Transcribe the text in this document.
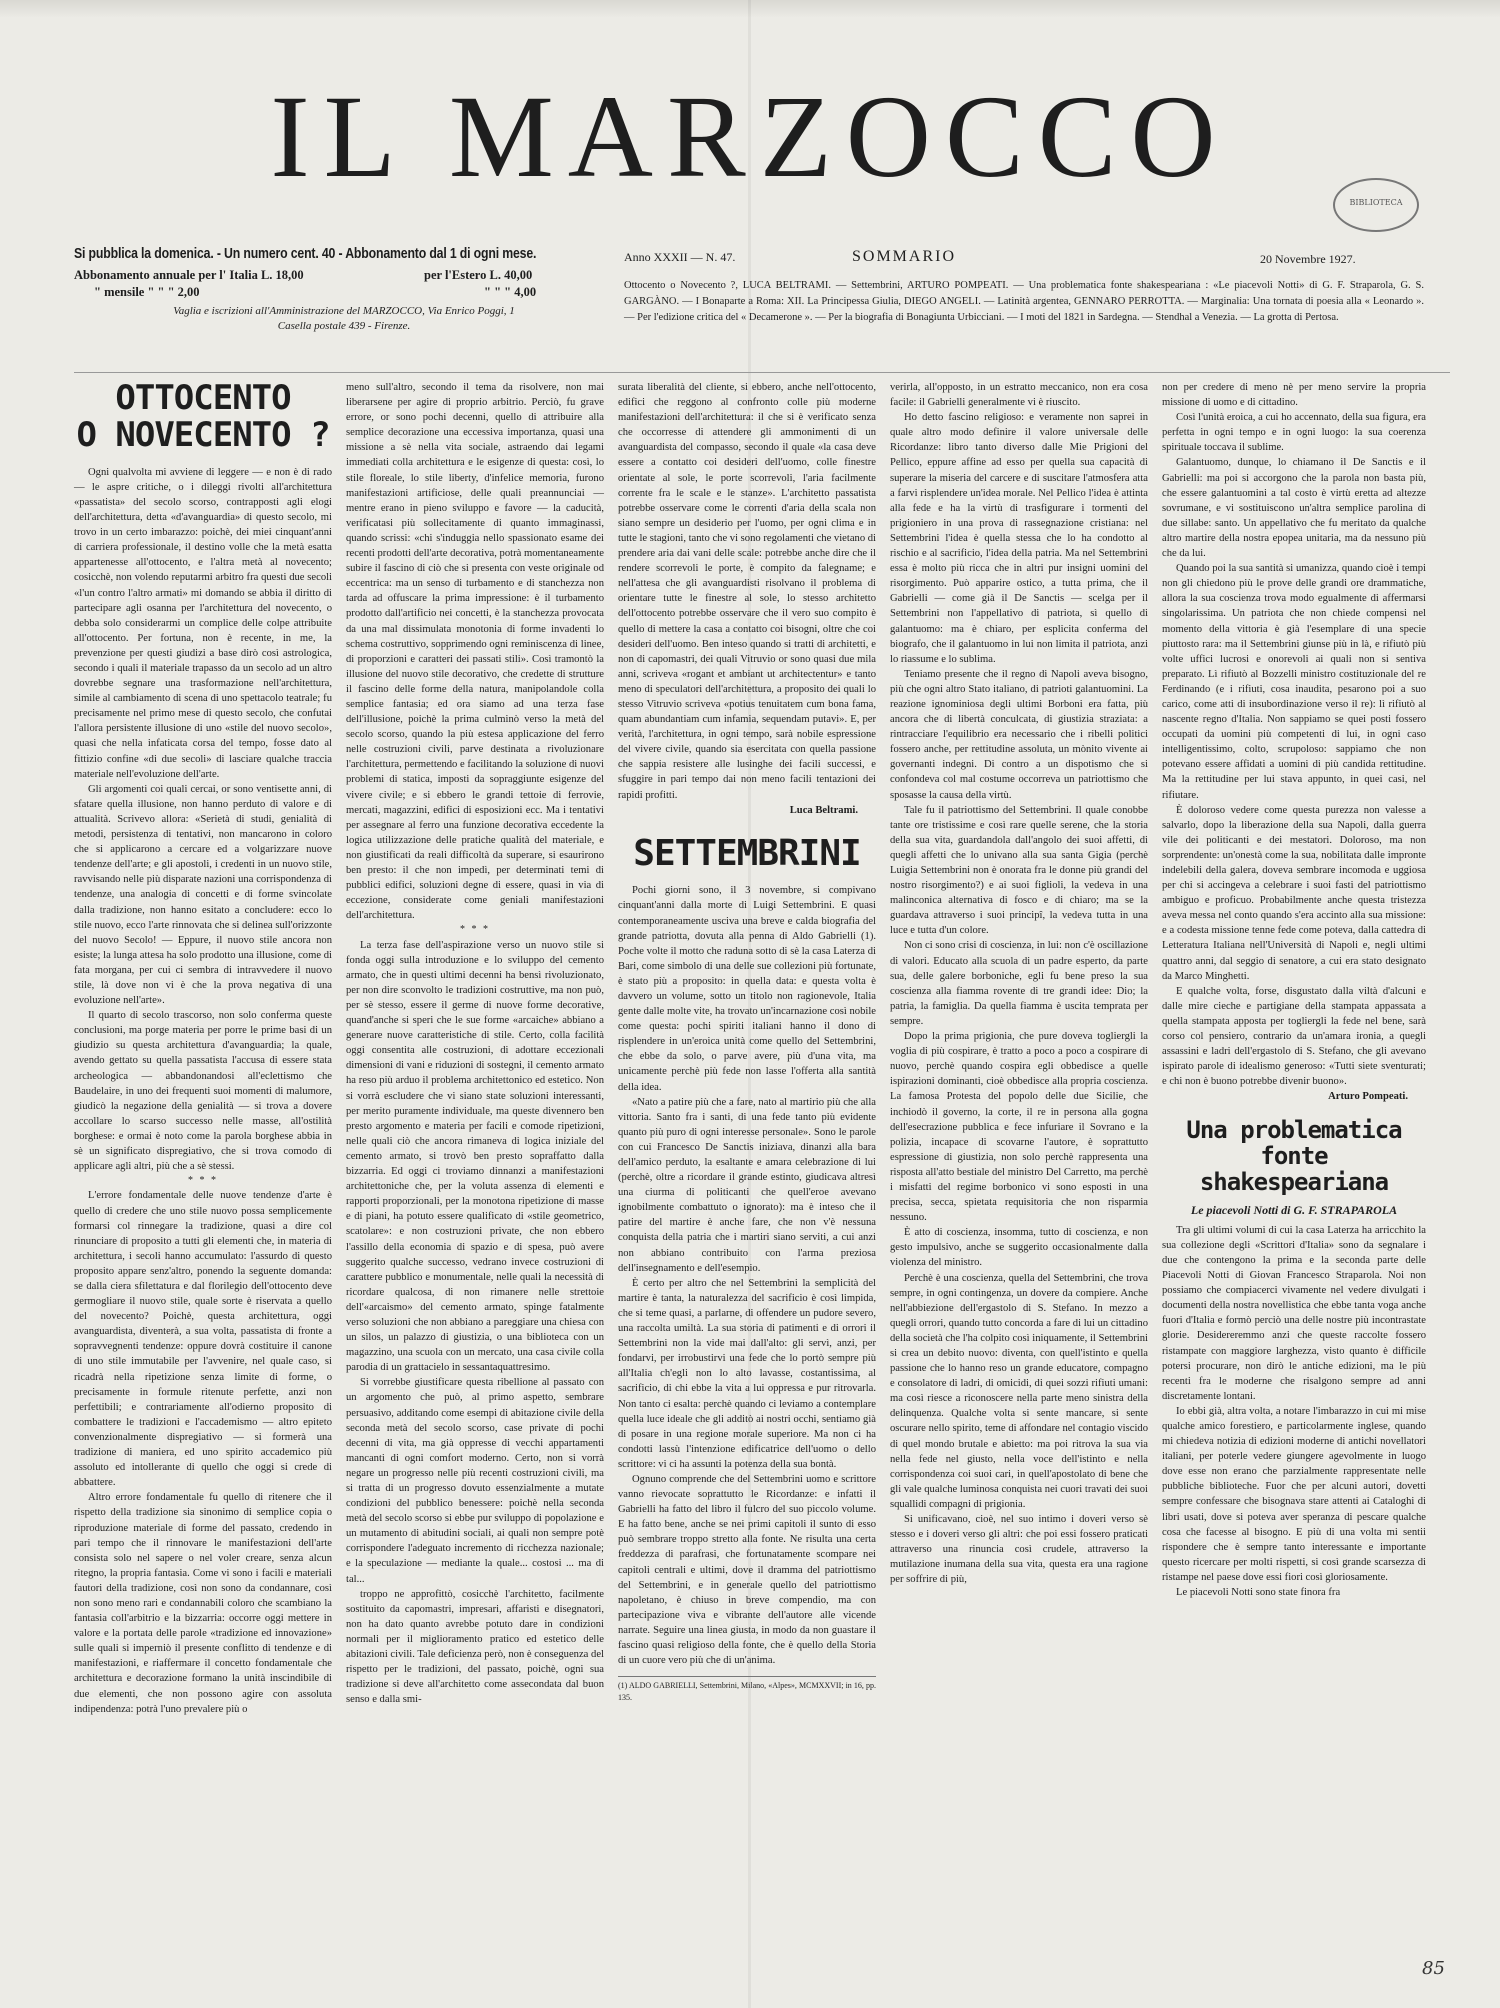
IL MARZOCCO
BIBLIOTECA
Si pubblica la domenica. - Un numero cent. 40 - Abbonamento dal 1 di ogni mese.
Abbonamento annuale per l' Italia L. 18,00	per l'Estero L. 40,00
" mensile " " " 2,00	" " " 4,00
Vaglia e iscrizioni all'Amministrazione del MARZOCCO, Via Enrico Poggi, 1
Casella postale 439 - Firenze.
Anno XXXII — N. 47.	SOMMARIO	20 Novembre 1927.
Ottocento o Novecento ?, LUCA BELTRAMI. — Settembrini, ARTURO POMPEATI. — Una problematica fonte shakespeariana : «Le piacevoli Notti» di G. F. Straparola, G. S. GARGÀNO. — I Bonaparte a Roma: XII. La Principessa Giulia, DIEGO ANGELI. — Latinità argentea, GENNARO PERROTTA. — Marginalia: Una tornata di poesia alla « Leonardo ». — Per l'edizione critica del « Decamerone ». — Per la biografia di Bonagiunta Urbicciani. — I moti del 1821 in Sardegna. — Stendhal a Venezia. — La grotta di Pertosa.
OTTOCENTO
O NOVECENTO ?

Ogni qualvolta mi avviene di leggere — e non è di rado — le aspre critiche, o i dileggi rivolti all'architettura «passatista» del secolo scorso, contrapposti agli elogi dell'architettura, detta «d'avanguardia» di questo secolo, mi trovo in un certo imbarazzo: poichè, dei miei cinquant'anni di carriera professionale, il destino volle che la metà esatta appartenesse all'ottocento, e l'altra metà al novecento; cosicchè, non volendo reputarmi arbitro fra questi due secoli «l'un contro l'altro armati» mi domando se abbia il diritto di partecipare agli osanna per l'architettura del novecento, o debba solo considerarmi un complice delle colpe attribuite all'ottocento. Per fortuna, non è recente, in me, la prevenzione per questi giudizi a base dirò così astrologica, secondo i quali il materiale trapasso da un secolo ad un altro dovrebbe segnare una trasformazione nell'architettura, simile al cambiamento di scena di uno spettacolo teatrale; fu precisamente nel primo mese di questo secolo, che confutai l'allora persistente illusione di uno «stile del nuovo secolo», quasi che nella infaticata corsa del tempo, fosse dato al fittizio confine «di due secoli» di lasciare qualche traccia materiale nell'evoluzione dell'arte.

Gli argomenti coi quali cercai, or sono ventisette anni, di sfatare quella illusione, non hanno perduto di valore e di attualità. Scrivevo allora: «Serietà di studi, genialità di metodi, persistenza di tentativi, non mancarono in coloro che si applicarono a cercare ed a volgarizzare nuove tendenze dell'arte; e gli apostoli, i credenti in un nuovo stile, ravvisando nelle più disparate nazioni una corrispondenza di tendenze, una analogia di concetti e di forme svincolate dalla tradizione, non hanno esitato a concludere: ecco lo stile nuovo, ecco l'arte rinnovata che si delinea sull'orizzonte del nuovo Secolo! — Eppure, il nuovo stile ancora non esiste; la lunga attesa ha solo prodotto una illusione, come di fata morgana, per cui ci sembra di intravvedere il nuovo stile, là dove non vi è che la prova negativa di una evoluzione nell'arte».

Il quarto di secolo trascorso, non solo conferma queste conclusioni, ma porge materia per porre le prime basi di un giudizio su questa architettura d'avanguardia; la quale, avendo gettato su quella passatista l'accusa di essere stata archeologica — abbandonandosi all'eclettismo che Baudelaire, in uno dei frequenti suoi momenti di malumore, giudicò la negazione della genialità — si trova a dovere accollare lo scarso successo nelle masse, all'ostilità borghese: e ormai è noto come la parola borghese abbia in sè un significato dispregiativo, che si trova comodo di applicare agli altri, più che a sè stessi.

* * *

L'errore fondamentale delle nuove tendenze d'arte è quello di credere che uno stile nuovo possa semplicemente formarsi col rinnegare la tradizione, quasi a dire col rinunciare di proposito a tutti gli elementi che, in materia di architettura, i secoli hanno accumulato: l'assurdo di questo proposito appare senz'altro, ponendo la seguente domanda: se dalla ciera sfilettatura e dal florilegio dell'ottocento deve germogliare il nuovo stile, quale sorte è riservata a quello del novecento? Poichè, questa architettura, oggi avanguardista, diventerà, a sua volta, passatista di fronte a sopravvegnenti tendenze: oppure dovrà costituire il canone di uno stile immutabile per l'avvenire, nel quale caso, si ricadrà nella ripetizione senza limite di forme, o precisamente in formule ritenute perfette, anzi non perfettibili; e contrariamente all'odierno proposito di combattere le tradizioni e l'accademismo — altro epiteto convenzionalmente dispregiativo — si formerà una tradizione di maniera, ed uno spirito accademico più assoluto ed intollerante di quello che oggi si crede di abbattere.

Altro errore fondamentale fu quello di ritenere che il rispetto della tradizione sia sinonimo di semplice copia o riproduzione materiale di forme del passato, credendo in pari tempo che il rinnovare le manifestazioni dell'arte consista solo nel sapere o nel voler creare, senza alcun ritegno, la propria fantasia. Come vi sono i facili e materiali fautori della tradizione, così non sono da condannare, così non sono meno rari e condannabili coloro che scambiano la fantasia coll'arbitrio e la bizzarria: occorre oggi mettere in valore e la portata delle parole «tradizione ed innovazione» sulle quali si imperniò il presente conflitto di tendenze e di manifestazioni, e riaffermare il concetto fondamentale che architettura e decorazione formano la unità inscindibile di due elementi, che non possono agire con assoluta indipendenza: potrà l'uno prevalere più o

meno sull'altro, secondo il tema da risolvere, non mai liberarsene per agire di proprio arbitrio. Perciò, fu grave errore, or sono pochi decenni, quello di attribuire alla semplice decorazione una eccessiva importanza, quasi una missione a sè nella vita sociale, astraendo dai legami immediati colla architettura e le esigenze di questa: così, lo stile floreale, lo stile liberty, d'infelice memoria, furono manifestazioni artificiose, delle quali preannunciai — mentre erano in pieno sviluppo e favore — la caducità, verificatasi più sollecitamente di quanto immaginassi, quando scrissi: «chi s'induggia nello spassionato esame dei recenti prodotti dell'arte decorativa, potrà momentaneamente subire il fascino di ciò che si presenta con veste originale od eccentrica: ma un senso di turbamento e di stanchezza non tarda ad offuscare la prima impressione: è il turbamento prodotto dall'artificio nei concetti, è la stanchezza provocata da una mal dissimulata monotonia di forme invadenti lo schema costruttivo, sopprimendo ogni reminiscenza di linee, di proporzioni e caratteri dei passati stili». Così tramontò la illusione del nuovo stile decorativo, che credette di strutture il fascino delle forme della natura, manipolandole colla semplice fantasia; ed ora siamo ad una terza fase dell'illusione, poichè la prima culminò verso la metà del secolo scorso, quando la più estesa applicazione del ferro nelle costruzioni civili, parve destinata a rivoluzionare l'architettura, permettendo e facilitando la soluzione di nuovi problemi di statica, imposti da sopraggiunte esigenze del vivere civile; e si ebbero le grandi tettoie di ferrovie, mercati, magazzini, edifici di esposizioni ecc. Ma i tentativi per assegnare al ferro una funzione decorativa eccedente la logica utilizzazione delle pratiche qualità del materiale, e non giustificati da reali difficoltà da superare, si esaurirono ben presto: il che non impedì, per determinati temi di pubblici edifici, soluzioni degne di essere, quasi in via di eccezione, considerate come geniali manifestazioni dell'architettura.

* * *

La terza fase dell'aspirazione verso un nuovo stile si fonda oggi sulla introduzione e lo sviluppo del cemento armato, che in questi ultimi decenni ha bensì rivoluzionato, per non dire sconvolto le tradizioni costruttive, ma non può, per sè stesso, essere il germe di nuove forme decorative, quand'anche si speri che le sue forme «arcaiche» abbiano a generare nuove caratteristiche di stile. Certo, colla facilità oggi consentita alle costruzioni, di adottare eccezionali dimensioni di vani e riduzioni di sostegni, il cemento armato ha reso più arduo il problema architettonico ed estetico. Non si vorrà escludere che vi siano state soluzioni interessanti, per merito puramente individuale, ma queste divennero ben presto argomento e materia per facili e comode ripetizioni, nelle quali ciò che ancora rimaneva di logica iniziale del cemento armato, si trovò ben presto sopraffatto dalla bizzarria. Ed oggi ci troviamo dinnanzi a manifestazioni architettoniche che, per la voluta assenza di elementi e rapporti proporzionali, per la monotona ripetizione di masse e di piani, ha potuto essere qualificato di «stile geometrico, scatolare»: e non costruzioni private, che non ebbero l'assillo della economia di spazio e di spesa, può avere suggerito qualche successo, vedrano invece costruzioni di carattere pubblico e monumentale, nelle quali la necessità di ricordare qualcosa, di non rimanere nelle strettoie dell'«arcaismo» del cemento armato, spinge fatalmente verso soluzioni che non abbiano a pareggiare una chiesa con un silos, un palazzo di giustizia, o una biblioteca con un magazzino, una scuola con un mercato, una casa civile colla parodia di un grattacielo in sessantaquattresimo.

Si vorrebbe giustificare questa ribellione al passato con un argomento che può, al primo aspetto, sembrare persuasivo, additando come esempi di abitazione civile della seconda metà del secolo scorso, case private di pochi decenni di vita, ma già oppresse di vecchi appartamenti mancanti di ogni comfort moderno. Certo, non si vorrà negare un progresso nelle più recenti costruzioni civili, ma si tratta di un progresso dovuto essenzialmente a mutate condizioni del pubblico benessere: poichè nella seconda metà del secolo scorso si ebbe pur sviluppo di popolazione e un mutamento di abitudini sociali, ai quali non sempre potè corrispondere l'adeguato incremento di ricchezza nazionale; e la speculazione — mediante la quale... costosi ... ma di tal...

troppo ne approfittò, cosicchè l'architetto, facilmente sostituito da capomastri, impresari, affaristi e disegnatori, non ha dato quanto avrebbe potuto dare in condizioni normali per il miglioramento pratico ed estetico delle abitazioni civili. Tale deficienza però, non è conseguenza del rispetto per le tradizioni, del passato, poichè, ogni sua tradizione si deve all'architetto come assecondata dal buon senso e dalla smi-

surata liberalità del cliente, si ebbero, anche nell'ottocento, edifici che reggono al confronto colle più moderne manifestazioni dell'architettura: il che si è verificato senza che occorresse di attendere gli ammonimenti di un avanguardista del compasso, secondo il quale «la casa deve essere a contatto coi desideri dell'uomo, colle finestre orientate al sole, le porte scorrevoli, l'aria facilmente corrente fra le scale e le stanze». L'architetto passatista potrebbe osservare come le correnti d'aria della scala non siano sempre un desiderio per l'uomo, per ogni clima e in tutte le stagioni, tanto che vi sono regolamenti che vietano di prendere aria dai vani delle scale: potrebbe anche dire che il rendere scorrevoli le porte, è compito da falegname; e nell'attesa che gli avanguardisti risolvano il problema di orientare tutte le finestre al sole, lo stesso architetto dell'ottocento potrebbe osservare che il vero suo compito è quello di mettere la casa a contatto coi bisogni, oltre che coi desideri dell'uomo. Ben inteso quando si tratti di architetti, e non di capomastri, dei quali Vitruvio or sono quasi due mila anni, scriveva «rogant et ambiant ut architectentur» e tanto meno di speculatori dell'architettura, a proposito dei quali lo stesso Vitruvio scriveva «potius tenuitatem cum bona fama, quam abundantiam cum infamia, sequendam putavi». E, per verità, l'architettura, in ogni tempo, sarà nobile espressione del vivere civile, quando sia esercitata con quella passione che sappia resistere alle lusinghe dei facili successi, e sfuggire in pari tempo dai non meno facili tentazioni dei rapidi profitti.

Luca Beltrami.
SETTEMBRINI

Pochi giorni sono, il 3 novembre, si compivano cinquant'anni dalla morte di Luigi Settembrini. E quasi contemporaneamente usciva una breve e calda biografia del grande patriotta, dovuta alla penna di Aldo Gabrielli (1). Poche volte il motto che raduna sotto di sè la casa Laterza di Bari, come simbolo di una delle sue collezioni più fortunate, è stato più a proposito: in quella data: e questa volta è davvero un volume, sotto un titolo non ragionevole, Italia gente dalle molte vite, ha trovato un'incarnazione così nobile come questa: pochi spiriti italiani hanno il dono di risplendere in un'eroica unità come quello del Settembrini, che ebbe da solo, o parve avere, più d'una vita, ma unicamente perchè più fede non lasse l'offerta alla santità della idea.

«Nato a patire più che a fare, nato al martirio più che alla vittoria. Santo fra i santi, di una fede tanto più evidente quanto più puro di ogni interesse personale». Sono le parole con cui Francesco De Sanctis iniziava, dinanzi alla bara dell'amico perduto, la esaltante e amara celebrazione di lui (perchè, oltre a ricordare il grande estinto, giudicava altresì una ciurma di politicanti che quell'eroe avevano ignobilmente combattuto o ignorato): ma è inteso che il patire del martire è anche fare, che non v'è nessuna conquista della patria che i martiri siano serviti, a cui anzi non abbiano contribuito con l'arma preziosa dell'insegnamento e dell'esempio.

È certo per altro che nel Settembrini la semplicità del martire è tanta, la naturalezza del sacrificio è così limpida, che si teme quasi, a parlarne, di offendere un pudore severo, una raccolta umiltà. La sua storia di patimenti e di orrori il Settembrini non la vide mai dall'alto: gli servì, anzi, per fondarvi, per irrobustirvi una fede che lo portò sempre più all'Italia ch'egli non lo alto lavasse, costantissima, al sacrificio, di chi ebbe la vita a lui oppressa e pur ritrovarla. Non tanto ci esalta: perchè quando ci leviamo a contemplare quella luce ideale che gli additò ai nostri occhi, sentiamo già di posare in una regione morale superiore. Ma non ci ha condotti lassù l'intenzione edificatrice dell'uomo o dello scrittore: vi ci ha assunti la potenza della sua bontà.

Ognuno comprende che del Settembrini uomo e scrittore vanno rievocate soprattutto le Ricordanze: e infatti il Gabrielli ha fatto del libro il fulcro del suo piccolo volume. E ha fatto bene, anche se nei primi capitoli il sunto di esso può sembrare troppo stretto alla fonte. Ne risulta una certa freddezza di parafrasi, che fortunatamente scompare nei capitoli centrali e ultimi, dove il dramma del patriottismo del Settembrini, e in generale quello del patriottismo napoletano, è chiuso in breve compendio, ma con partecipazione viva e vibrante dell'autore alle vicende narrate. Seguire una linea giusta, in modo da non guastare il fascino quasi religioso della fonte, che è quello della Storia di un cuore vero più che di un'anima.

(1) ALDO GABRIELLI, Settembrini, Milano, «Alpes», MCMXXVII; in 16, pp. 135.

verirla, all'opposto, in un estratto meccanico, non era cosa facile: il Gabrielli generalmente vi è riuscito.

Ho detto fascino religioso: e veramente non saprei in quale altro modo definire il valore universale delle Ricordanze: libro tanto diverso dalle Mie Prigioni del Pellico, eppure affine ad esso per quella sua capacità di superare la miseria del carcere e di suscitare l'atmosfera atta a farvi risplendere un'idea morale. Nel Pellico l'idea è attinta alla fede e ha la virtù di trasfigurare i tormenti del prigioniero in una prova di rassegnazione cristiana: nel Settembrini l'idea è quella stessa che lo ha condotto al rischio e al sacrificio, l'idea della patria. Ma nel Settembrini essa è molto più ricca che in altri pur insigni uomini del risorgimento. Può apparire ostico, a tutta prima, che il Gabrielli — come già il De Sanctis — scelga per il Settembrini non l'appellativo di patriota, sì quello di galantuomo: ma è chiaro, per esplicita conferma del biografo, che il galantuomo in lui non limita il patriota, anzi lo riassume e lo sublima.

Teniamo presente che il regno di Napoli aveva bisogno, più che ogni altro Stato italiano, di patrioti galantuomini. La reazione ignominiosa degli ultimi Borboni era fatta, più ancora che di libertà conculcata, di giustizia straziata: a rintracciare l'equilibrio era necessario che i ribelli politici fossero anche, per rettitudine assoluta, un mònito vivente ai governanti indegni. Di contro a un dispotismo che si confondeva col mal costume occorreva un patriottismo che sposasse la causa della virtù.

Tale fu il patriottismo del Settembrini. Il quale conobbe tante ore tristissime e così rare quelle serene, che la storia della sua vita, guardandola dall'angolo dei suoi affetti, di quegli affetti che lo univano alla sua santa Gigia (perchè Luigia Settembrini non è onorata fra le donne più grandi del nostro risorgimento?) e ai suoi figlioli, la vedeva in una malinconica alternativa di fosco e di chiaro; ma se la guardava attraverso i suoi principî, la vedeva tutta in una luce e tutta d'un colore.

Non ci sono crisi di coscienza, in lui: non c'è oscillazione di valori. Educato alla scuola di un padre esperto, da parte sua, delle galere borboniche, egli fu bene preso la sua coscienza alla fiamma rovente di tre grandi idee: Dio; la patria, la famiglia. Da quella fiamma è uscita temprata per sempre.

Dopo la prima prigionia, che pure doveva togliergli la voglia di più cospirare, è tratto a poco a poco a cospirare di nuovo, perchè quando cospira egli obbedisce a quelle ispirazioni dominanti, cioè obbedisce alla propria coscienza. La famosa Protesta del popolo delle due Sicilie, che inchiodò il governo, la corte, il re in persona alla gogna dell'esecrazione pubblica e fece infuriare il Sovrano e la polizia, incapace di scovarne l'autore, è soprattutto espressione di giustizia, non solo perchè rappresenta una risposta all'atto bestiale del ministro Del Carretto, ma perchè i misfatti del regime borbonico vi sono esposti in una precisa, secca, spietata requisitoria che non risparmia nessuno.

È atto di coscienza, insomma, tutto di coscienza, e non gesto impulsivo, anche se suggerito occasionalmente dalla violenza del ministro.

Perchè è una coscienza, quella del Settembrini, che trova sempre, in ogni contingenza, un dovere da compiere. Anche nell'abbiezione dell'ergastolo di S. Stefano. In mezzo a quegli orrori, quando tutto concorda a fare di lui un cittadino della società che l'ha colpito così iniquamente, il Settembrini si crea un debito nuovo: diventa, con quell'istinto e quella passione che lo hanno reso un grande educatore, compagno e consolatore di ladri, di omicidi, di quei sozzi rifiuti umani: ma così riesce a riconoscere nella parte meno sinistra della delinquenza. Qualche volta si sente mancare, si sente oscurare nello spirito, teme di affondare nel contagio viscido di quel mondo brutale e abietto: ma poi ritrova la sua via nella fede nel giusto, nella voce dell'istinto e nella corrispondenza coi suoi cari, in quell'apostolato di bene che gli vale qualche luminosa conquista nei cuori travati dei suoi squallidi compagni di prigionia.

Si unificavano, cioè, nel suo intimo i doveri verso sè stesso e i doveri verso gli altri: che poi essi fossero praticati attraverso una rinuncia così crudele, attraverso la mutilazione inumana della sua vita, questa era una ragione per soffrire di più,

non per credere di meno nè per meno servire la propria missione di uomo e di cittadino.

Così l'unità eroica, a cui ho accennato, della sua figura, era perfetta in ogni tempo e in ogni luogo: la sua coerenza spirituale toccava il sublime.

Galantuomo, dunque, lo chiamano il De Sanctis e il Gabrielli: ma poi si accorgono che la parola non basta più, che essere galantuomini a tal costo è virtù eretta ad altezze sovrumane, e vi sostituiscono un'altra semplice parolina di due sillabe: santo. Un appellativo che fu meritato da qualche altro martire della nostra epopea unitaria, ma da nessuno più che da lui.

Quando poi la sua santità si umanizza, quando cioè i tempi non gli chiedono più le prove delle grandi ore drammatiche, allora la sua coscienza trova modo egualmente di affermarsi singolarissima. Un patriota che non chiede compensi nel momento della vittoria è già l'esemplare di una specie piuttosto rara: ma il Settembrini giunse più in là, e rifiutò più volte uffici lucrosi e onorevoli ai quali non si sentiva preparato. Lì rifiutò al Bozzelli ministro costituzionale del re Ferdinando (e i rifiuti, cosa inaudita, pesarono poi a suo carico, come atti di insubordinazione verso il re): lì rifiutò al nascente regno d'Italia. Non sappiamo se quei posti fossero occupati da uomini più competenti di lui, in ogni caso intelligentissimo, colto, scrupoloso: sappiamo che non potevano essere affidati a uomini di più candida rettitudine. Ma la rettitudine per lui stava appunto, in quei casi, nel rifiutare.

È doloroso vedere come questa purezza non valesse a salvarlo, dopo la liberazione della sua Napoli, dalla guerra vile dei politicanti e dei mestatori. Doloroso, ma non sorprendente: un'onestà come la sua, nobilitata dalle impronte indelebili della galera, doveva sembrare incomoda e uggiosa per chi si accingeva a celebrare i suoi fasti del patriottismo ambiguo e proficuo. Probabilmente anche questa tristezza aveva messa nel conto quando s'era accinto alla sua missione: e a codesta missione tenne fede come poteva, dalla cattedra di Letteratura Italiana nell'Università di Napoli e, negli ultimi quattro anni, dal seggio di senatore, a cui era stato designato da Marco Minghetti.

E qualche volta, forse, disgustato dalla viltà d'alcuni e dalle mire cieche e partigiane della stampata appassata a quella stampata apposta per togliergli la fede nel bene, sarà corso col pensiero, contrario da un'amara ironia, a quegli assassini e ladri dell'ergastolo di S. Stefano, che gli avevano ispirato parole di idealismo generoso: «Tutti siete sventurati; e chi non è buono potrebbe divenir buono».

Arturo Pompeati.
Una problematica fonte
shakespeariana
Le piacevoli Notti di G. F. STRAPAROLA

Tra gli ultimi volumi di cui la casa Laterza ha arricchito la sua collezione degli «Scrittori d'Italia» sono da segnalare i due che contengono la prima e la seconda parte delle Piacevoli Notti di Giovan Francesco Straparola. Noi non possiamo che compiacerci vivamente nel vedere divulgati i documenti della nostra novellistica che ebbe tanta voga anche fuori d'Italia e formò perciò una delle nostre più incontrastate glorie. Desidereremmo anzi che queste raccolte fossero ristampate con maggiore larghezza, visto quanto è difficile potersi procurare, non dirò le antiche edizioni, ma le più recenti fra le moderne che risalgono sempre ad anni discretamente lontani.

Io ebbi già, altra volta, a notare l'imbarazzo in cui mi mise qualche amico forestiero, e particolarmente inglese, quando mi chiedeva notizia di edizioni moderne di antichi novellatori italiani, per poterle vedere giungere agevolmente in luogo dove esse non erano che parzialmente rappresentate nelle pubbliche biblioteche. Fuor che per alcuni autori, dovetti sempre confessare che bisognava stare attenti ai Cataloghi di libri usati, dove si poteva aver speranza di pescare qualche cosa che facesse al bisogno. E più di una volta mi sentii rispondere che è sempre tanto interessante e importante questo ricercare per molti rispetti, si così grande scarsezza di ristampe nel paese dove essi fiori così gloriosamente.

Le piacevoli Notti sono state finora fra

85
